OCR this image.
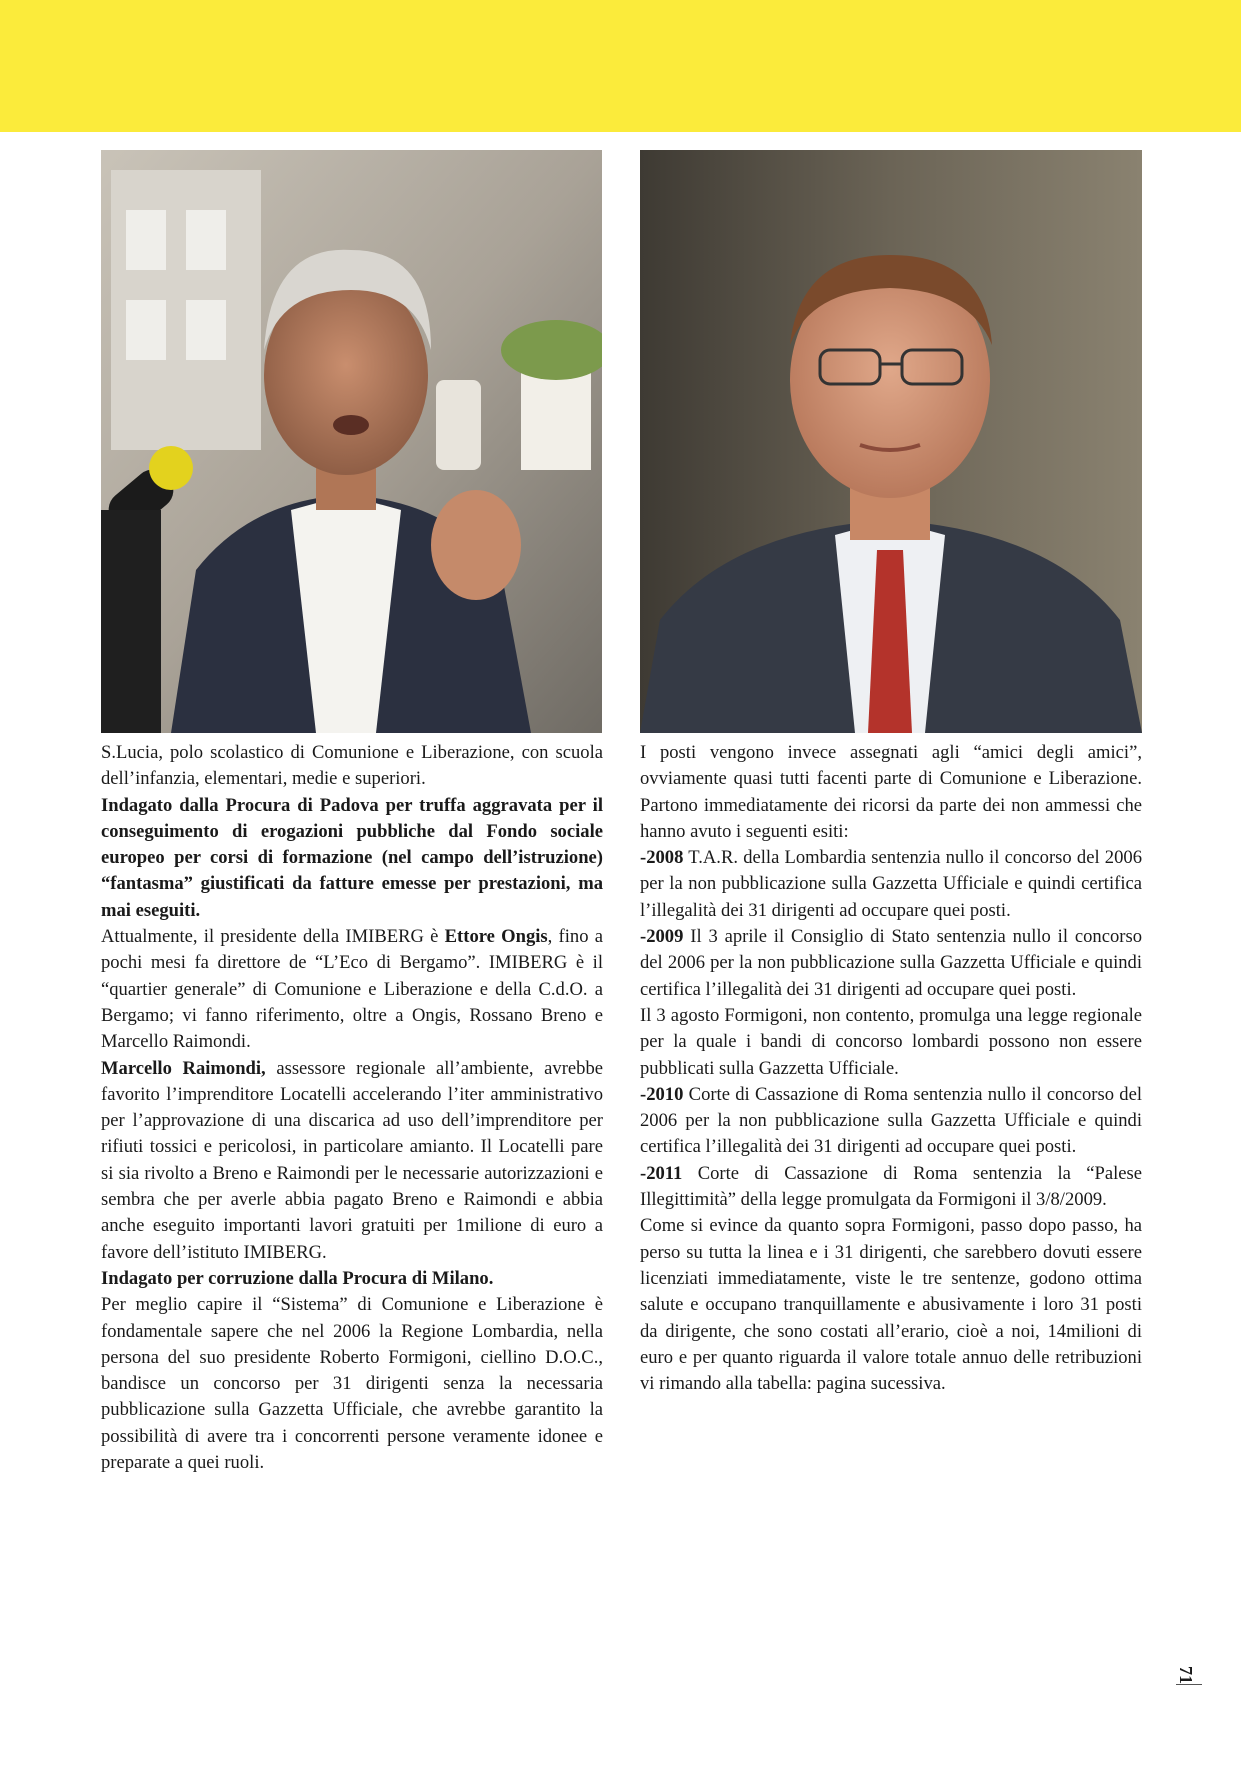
S.Lucia, polo scolastico di Comunione e Liberazione, con scuola dell’infanzia, elementari, medie e superiori.

Indagato dalla Procura di Padova per truffa aggravata per il conseguimento di erogazioni pubbliche dal Fondo sociale europeo per corsi di formazione (nel campo dell’istruzione) “fantasma” giustificati da fatture emesse per prestazioni, ma mai eseguiti.

Attualmente, il presidente della IMIBERG è Ettore Ongis, fino a pochi mesi fa direttore de “L’Eco di Bergamo”. IMIBERG è il “quartier generale” di Comunione e Liberazione e della C.d.O. a Bergamo; vi fanno riferimento, oltre a Ongis, Rossano Breno e Marcello Raimondi.

Marcello Raimondi, assessore regionale all’ambiente, avrebbe favorito l’imprenditore Locatelli accelerando l’iter amministrativo per l’approvazione di una discarica ad uso dell’imprenditore per rifiuti tossici e pericolosi, in particolare amianto. Il Locatelli pare si sia rivolto a Breno e Raimondi per le necessarie autorizzazioni e sembra che per averle abbia pagato Breno e Raimondi e abbia anche eseguito importanti lavori gratuiti per 1milione di euro a favore dell’istituto IMIBERG.

Indagato per corruzione dalla Procura di Milano.

Per meglio capire il “Sistema” di Comunione e Liberazione è fondamentale sapere che nel 2006 la Regione Lombardia, nella persona del suo presidente Roberto Formigoni, ciellino D.O.C., bandisce un concorso per 31 dirigenti senza la necessaria pubblicazione sulla Gazzetta Ufficiale, che avrebbe garantito la possibilità di avere tra i concorrenti persone veramente idonee e preparate a quei ruoli.

I posti vengono invece assegnati agli “amici degli amici”, ovviamente quasi tutti facenti parte di Comunione e Liberazione. Partono immediatamente dei ricorsi da parte dei non ammessi che hanno avuto i seguenti esiti:

-2008 T.A.R. della Lombardia sentenzia nullo il concorso del 2006 per la non pubblicazione sulla Gazzetta Ufficiale e quindi certifica l’illegalità dei 31 dirigenti ad occupare quei posti.

-2009 Il 3 aprile il Consiglio di Stato sentenzia nullo il concorso del 2006 per la non pubblicazione sulla Gazzetta Ufficiale e quindi certifica l’illegalità dei 31 dirigenti ad occupare quei posti.

Il 3 agosto Formigoni, non contento, promulga una legge regionale per la quale i bandi di concorso lombardi possono non essere pubblicati sulla Gazzetta Ufficiale.

-2010 Corte di Cassazione di Roma sentenzia nullo il concorso del 2006 per la non pubblicazione sulla Gazzetta Ufficiale e quindi certifica l’illegalità dei 31 dirigenti ad occupare quei posti.

-2011 Corte di Cassazione di Roma sentenzia la “Palese Illegittimità” della legge promulgata da Formigoni il 3/8/2009.

Come si evince da quanto sopra Formigoni, passo dopo passo, ha perso su tutta la linea e i 31 dirigenti, che sarebbero dovuti essere licenziati immediatamente, viste le tre sentenze, godono ottima salute e occupano tranquillamente e abusivamente i loro 31 posti da dirigente, che sono costati all’erario, cioè a noi, 14milioni di euro e per quanto riguarda il valore totale annuo delle retribuzioni vi rimando alla tabella: pagina sucessiva.

71
